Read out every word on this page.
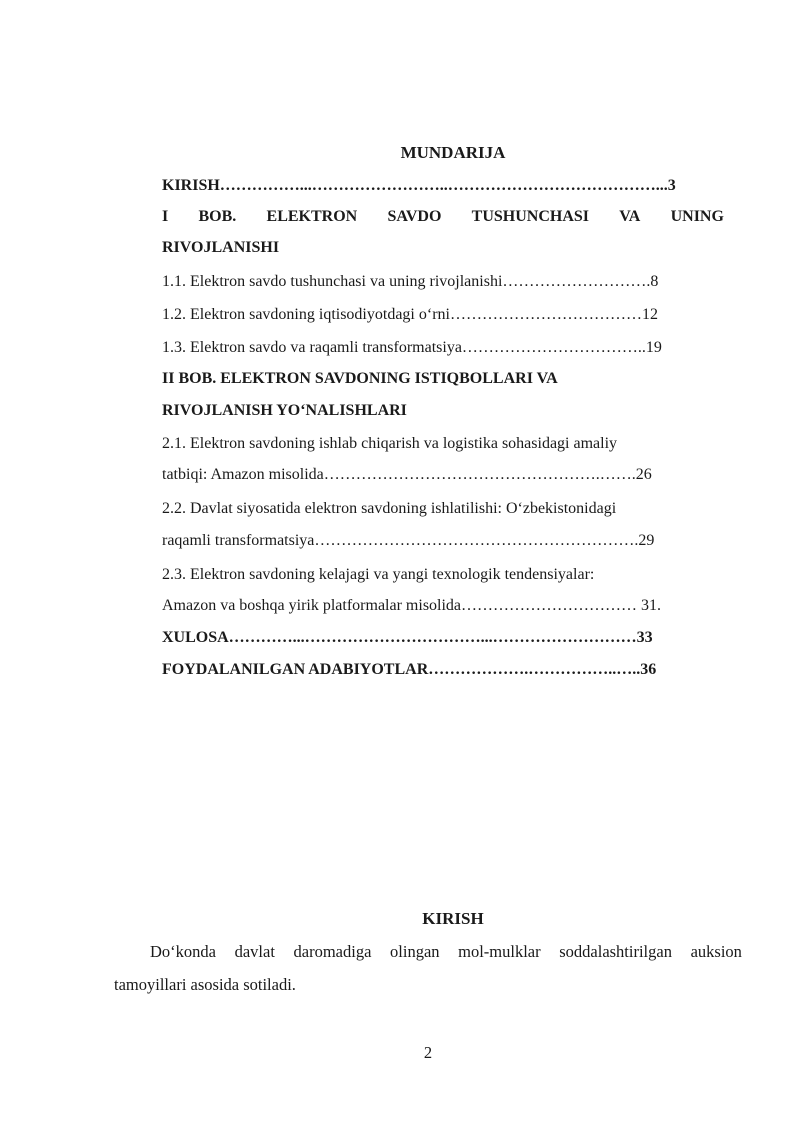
MUNDARIJA
KIRISH……………...……………………..…………………………………...3
I BOB. ELEKTRON SAVDO TUSHUNCHASI VA UNING
RIVOJLANISHI
1.1. Elektron savdo tushunchasi va uning rivojlanishi……………………….8
1.2. Elektron savdoning iqtisodiyotdagi o‘rni………………………………12
1.3. Elektron savdo va raqamli transformatsiya……………………………..19
II BOB. ELEKTRON SAVDONING ISTIQBOLLARI VA
RIVOJLANISH YO‘NALISHLARI
2.1. Elektron savdoning ishlab chiqarish va logistika sohasidagi amaliy
tatbiqi: Amazon misolida…………………………………………….…….26
2.2. Davlat siyosatida elektron savdoning ishlatilishi: O‘zbekistonidagi
raqamli transformatsiya…………………………………………………….29
2.3. Elektron savdoning kelajagi va yangi texnologik tendensiyalar:
Amazon va boshqa yirik platformalar misolida…………………………… 31.
XULOSA…………...……………………………...………………………33
FOYDALANILGAN ADABIYOTLAR……………….……………..…..36
KIRISH
Do‘konda davlat daromadiga olingan mol-mulklar soddalashtirilgan auksion
tamoyillari asosida sotiladi.
2
